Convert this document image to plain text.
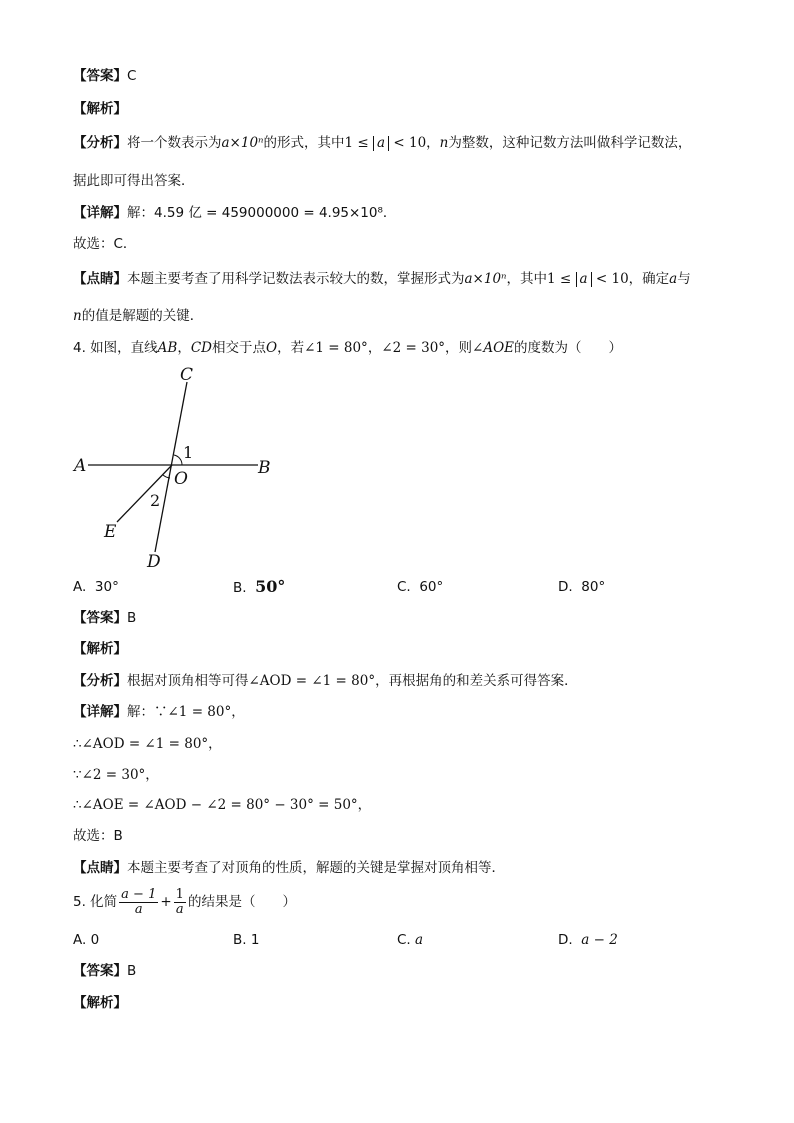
【答案】C
【解析】
【分析】将一个数表示为a×10ⁿ的形式，其中1 ≤ a < 10，n为整数，这种记数方法叫做科学记数法，
据此即可得出答案．
【详解】解：4.59 亿 = 459000000 = 4.95×10⁸．
故选：C．
【点睛】本题主要考查了用科学记数法表示较大的数，掌握形式为a×10ⁿ，其中1 ≤ a < 10，确定a与
n的值是解题的关键．
4. 如图，直线AB，CD相交于点O，若∠1 = 80°，∠2 = 30°，则∠AOE的度数为（　　）
C
A	B
O
1
2
E
D
A. 30°	B. 50°	C. 60°	D. 80°
【答案】B
【解析】
【分析】根据对顶角相等可得∠AOD = ∠1 = 80°，再根据角的和差关系可得答案．
【详解】解：∵∠1 = 80°，
∴∠AOD = ∠1 = 80°，
∵∠2 = 30°，
∴∠AOE = ∠AOD − ∠2 = 80° − 30° = 50°，
故选：B
【点睛】本题主要考查了对顶角的性质，解题的关键是掌握对顶角相等．
5. 化简 $\frac{a - 1}{a} + \frac{1}{a}$ 的结果是（　　）
A. 0	B. 1	C. a	D. a − 2
【答案】B
【解析】
